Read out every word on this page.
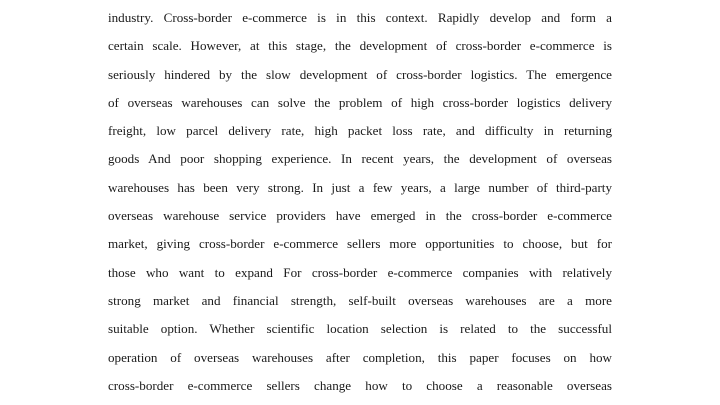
industry. Cross-border e-commerce is in this context. Rapidly develop and form a
certain scale. However, at this stage, the development of cross-border e-commerce is
seriously hindered by the slow development of cross-border logistics. The emergence
of overseas warehouses can solve the problem of high cross-border logistics delivery
freight, low parcel delivery rate, high packet loss rate, and difficulty in returning
goods And poor shopping experience. In recent years, the development of overseas
warehouses has been very strong. In just a few years, a large number of third-party
overseas warehouse service providers have emerged in the cross-border e-commerce
market, giving cross-border e-commerce sellers more opportunities to choose, but for
those who want to expand For cross-border e-commerce companies with relatively
strong market and financial strength, self-built overseas warehouses are a more
suitable option. Whether scientific location selection is related to the successful
operation of overseas warehouses after completion, this paper focuses on how
cross-border e-commerce sellers change how to choose a reasonable overseas
